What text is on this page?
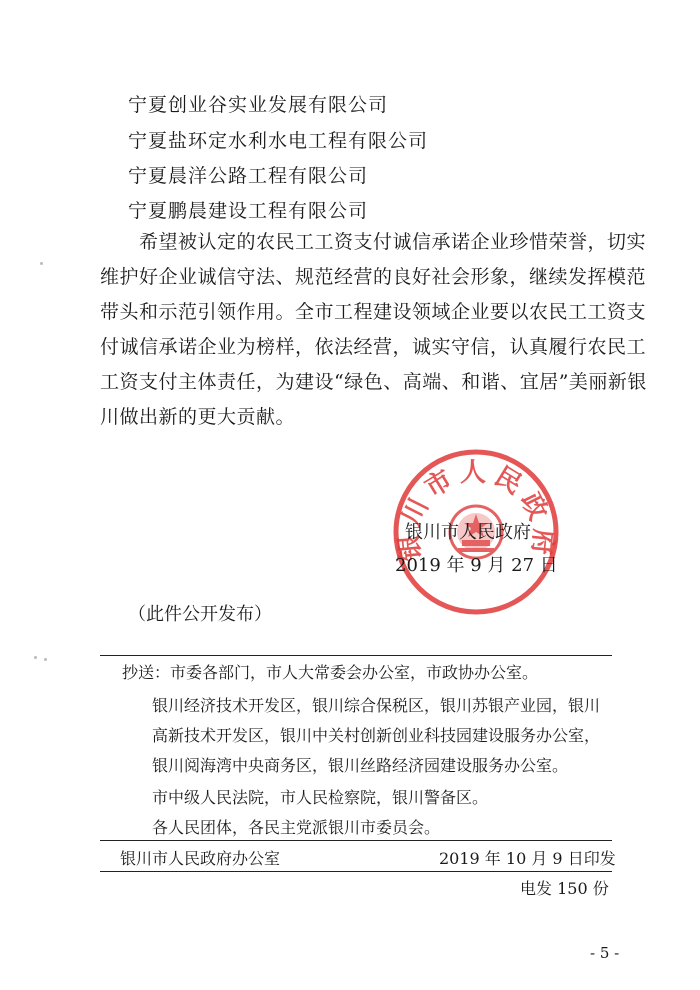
宁夏创业谷实业发展有限公司
宁夏盐环定水利水电工程有限公司
宁夏晨洋公路工程有限公司
宁夏鹏晨建设工程有限公司
　　希望被认定的农民工工资支付诚信承诺企业珍惜荣誉，切实
维护好企业诚信守法、规范经营的良好社会形象，继续发挥模范
带头和示范引领作用。全市工程建设领域企业要以农民工工资支
付诚信承诺企业为榜样，依法经营，诚实守信，认真履行农民工
工资支付主体责任，为建设“绿色、高端、和谐、宜居”美丽新银
川做出新的更大贡献。
银川市人民政府
银川市人民政府
2019 年 9 月 27 日
（此件公开发布）
抄送：市委各部门，市人大常委会办公室，市政协办公室。
银川经济技术开发区，银川综合保税区，银川苏银产业园，银川
高新技术开发区，银川中关村创新创业科技园建设服务办公室，
银川阅海湾中央商务区，银川丝路经济园建设服务办公室。
市中级人民法院，市人民检察院，银川警备区。
各人民团体，各民主党派银川市委员会。
银川市人民政府办公室	2019 年 10 月 9 日印发
电发 150 份
- 5 -
